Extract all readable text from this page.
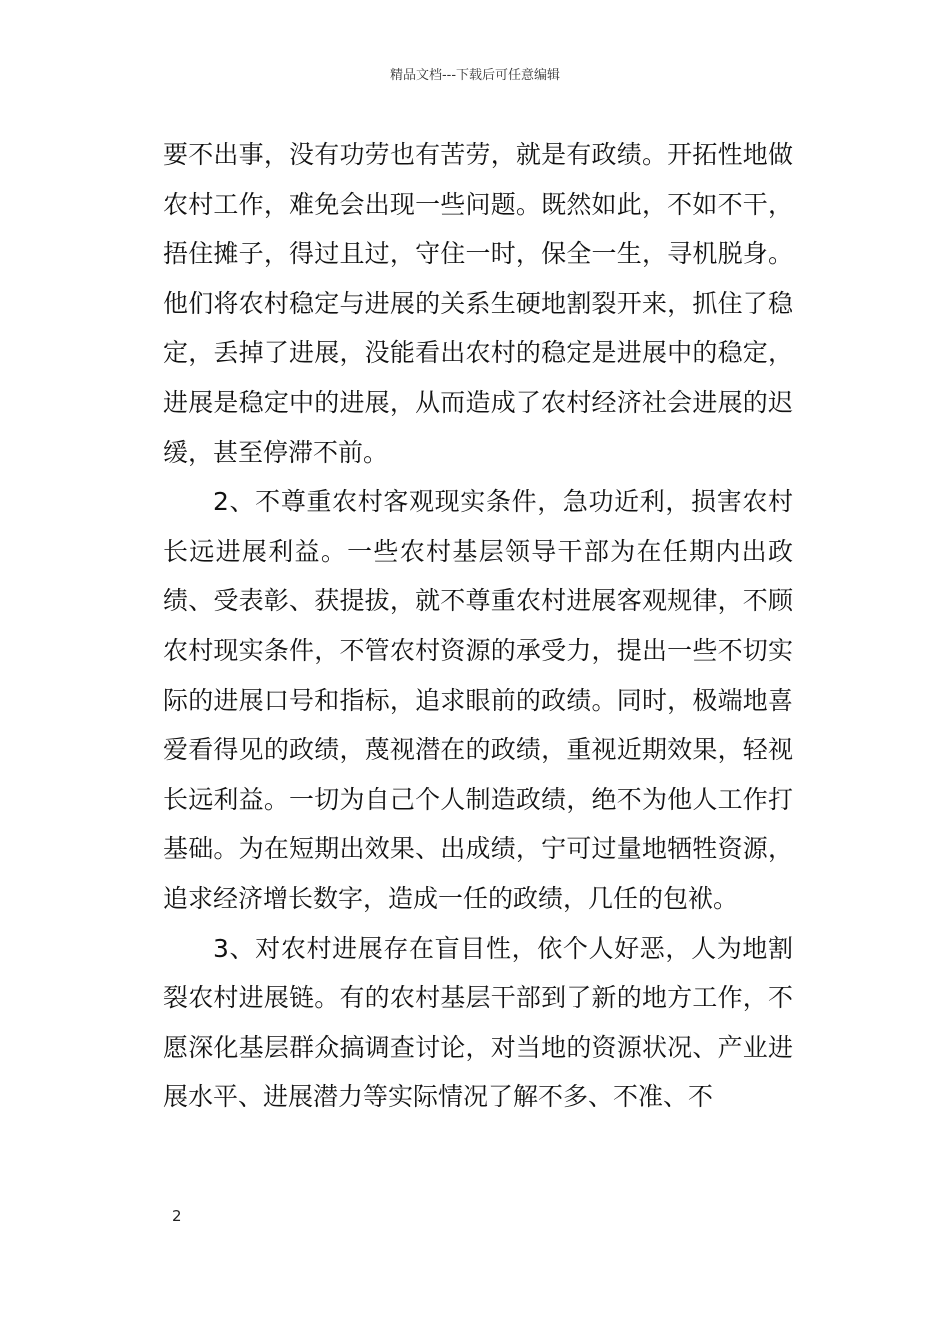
精品文档---下载后可任意编辑

要不出事，没有功劳也有苦劳，就是有政绩。开拓性地做农村工作，难免会出现一些问题。既然如此，不如不干，捂住摊子，得过且过，守住一时，保全一生，寻机脱身。他们将农村稳定与进展的关系生硬地割裂开来，抓住了稳定，丢掉了进展，没能看出农村的稳定是进展中的稳定，进展是稳定中的进展，从而造成了农村经济社会进展的迟缓，甚至停滞不前。

2、不尊重农村客观现实条件，急功近利，损害农村长远进展利益。一些农村基层领导干部为在任期内出政绩、受表彰、获提拔，就不尊重农村进展客观规律，不顾农村现实条件，不管农村资源的承受力，提出一些不切实际的进展口号和指标，追求眼前的政绩。同时，极端地喜爱看得见的政绩，蔑视潜在的政绩，重视近期效果，轻视长远利益。一切为自己个人制造政绩，绝不为他人工作打基础。为在短期出效果、出成绩，宁可过量地牺牲资源，追求经济增长数字，造成一任的政绩，几任的包袱。

3、对农村进展存在盲目性，依个人好恶，人为地割裂农村进展链。有的农村基层干部到了新的地方工作，不愿深化基层群众搞调查讨论，对当地的资源状况、产业进展水平、进展潜力等实际情况了解不多、不准、不

2
